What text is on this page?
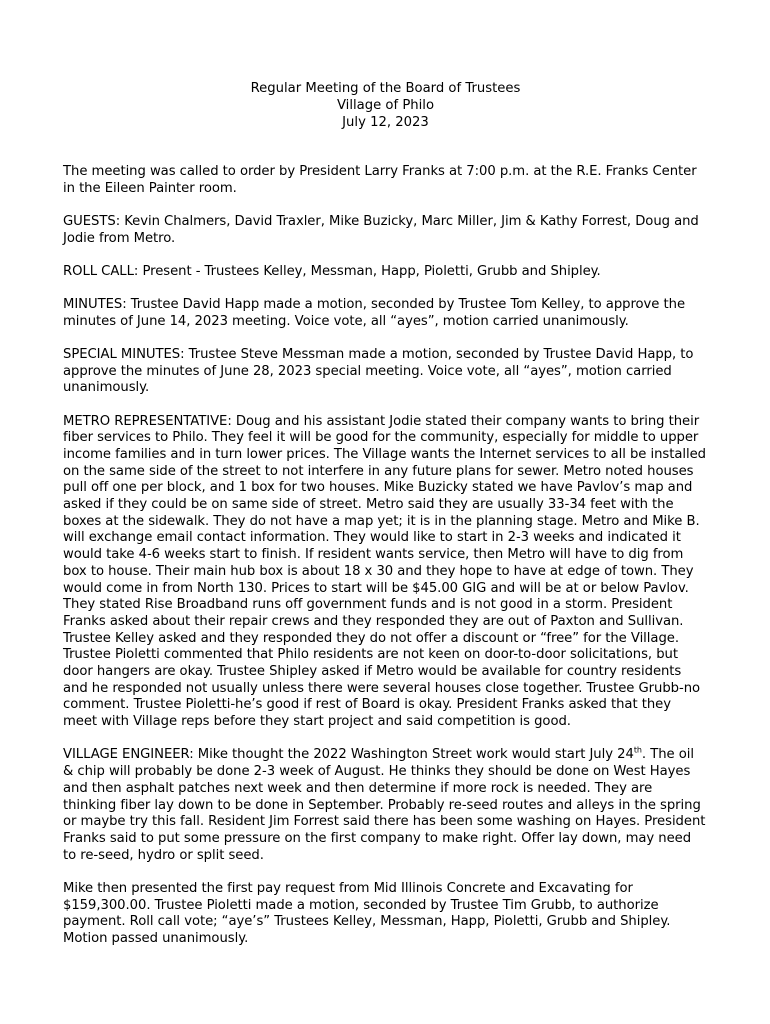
Regular Meeting of the Board of Trustees
Village of Philo
July 12, 2023

The meeting was called to order by President Larry Franks at 7:00 p.m. at the R.E. Franks Center in the Eileen Painter room.

GUESTS: Kevin Chalmers, David Traxler, Mike Buzicky, Marc Miller, Jim & Kathy Forrest, Doug and Jodie from Metro.

ROLL CALL: Present - Trustees Kelley, Messman, Happ, Pioletti, Grubb and Shipley.

MINUTES: Trustee David Happ made a motion, seconded by Trustee Tom Kelley, to approve the minutes of June 14, 2023 meeting. Voice vote, all “ayes”, motion carried unanimously.

SPECIAL MINUTES: Trustee Steve Messman made a motion, seconded by Trustee David Happ, to approve the minutes of June 28, 2023 special meeting. Voice vote, all “ayes”, motion carried unanimously.

METRO REPRESENTATIVE: Doug and his assistant Jodie stated their company wants to bring their fiber services to Philo. They feel it will be good for the community, especially for middle to upper income families and in turn lower prices. The Village wants the Internet services to all be installed on the same side of the street to not interfere in any future plans for sewer. Metro noted houses pull off one per block, and 1 box for two houses. Mike Buzicky stated we have Pavlov’s map and asked if they could be on same side of street. Metro said they are usually 33-34 feet with the boxes at the sidewalk. They do not have a map yet; it is in the planning stage. Metro and Mike B. will exchange email contact information. They would like to start in 2-3 weeks and indicated it would take 4-6 weeks start to finish. If resident wants service, then Metro will have to dig from box to house. Their main hub box is about 18 x 30 and they hope to have at edge of town. They would come in from North 130. Prices to start will be $45.00 GIG and will be at or below Pavlov. They stated Rise Broadband runs off government funds and is not good in a storm. President Franks asked about their repair crews and they responded they are out of Paxton and Sullivan. Trustee Kelley asked and they responded they do not offer a discount or “free” for the Village. Trustee Pioletti commented that Philo residents are not keen on door-to-door solicitations, but door hangers are okay. Trustee Shipley asked if Metro would be available for country residents and he responded not usually unless there were several houses close together. Trustee Grubb-no comment. Trustee Pioletti-he’s good if rest of Board is okay. President Franks asked that they meet with Village reps before they start project and said competition is good.

VILLAGE ENGINEER: Mike thought the 2022 Washington Street work would start July 24th. The oil & chip will probably be done 2-3 week of August. He thinks they should be done on West Hayes and then asphalt patches next week and then determine if more rock is needed. They are thinking fiber lay down to be done in September. Probably re-seed routes and alleys in the spring or maybe try this fall. Resident Jim Forrest said there has been some washing on Hayes. President Franks said to put some pressure on the first company to make right. Offer lay down, may need to re-seed, hydro or split seed.

Mike then presented the first pay request from Mid Illinois Concrete and Excavating for $159,300.00. Trustee Pioletti made a motion, seconded by Trustee Tim Grubb, to authorize payment. Roll call vote; “aye’s” Trustees Kelley, Messman, Happ, Pioletti, Grubb and Shipley. Motion passed unanimously.
